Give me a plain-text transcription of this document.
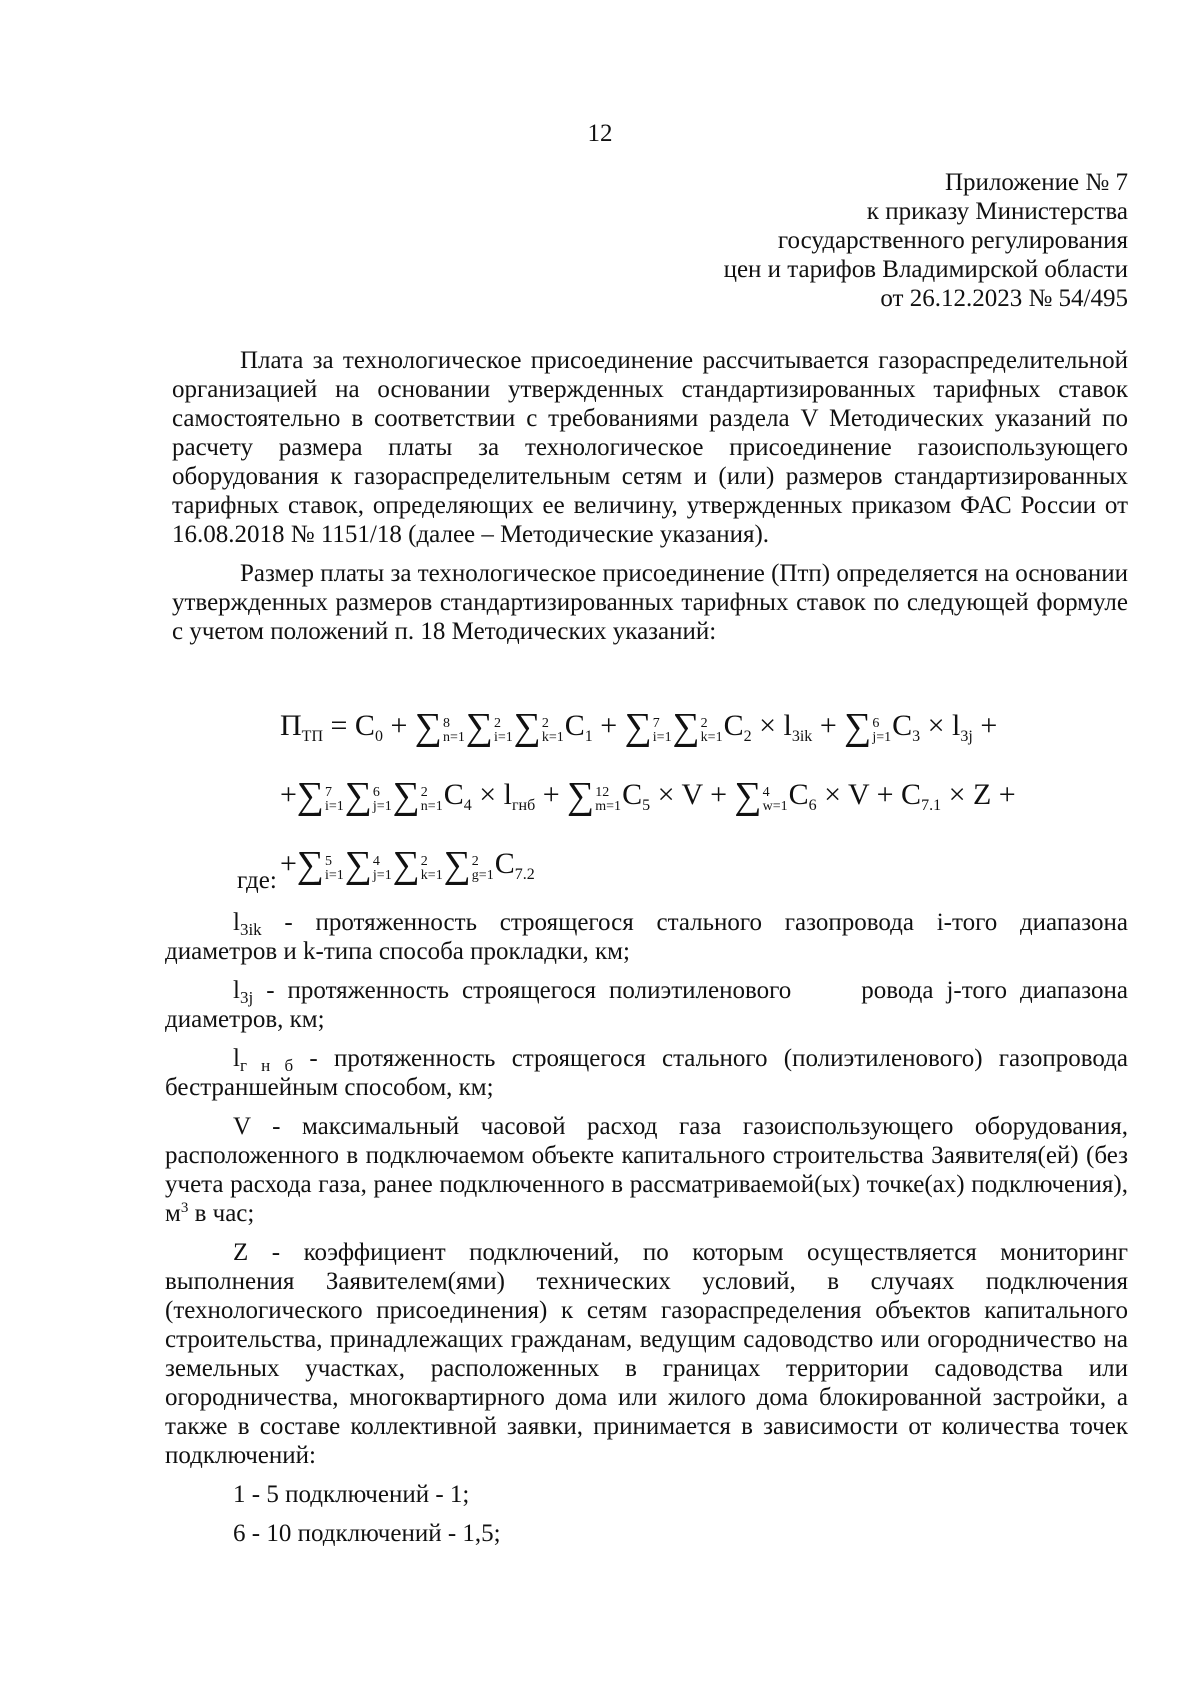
12
Приложение № 7
к приказу Министерства
государственного регулирования
цен и тарифов Владимирской области
от 26.12.2023 № 54/495

Плата за технологическое присоединение рассчитывается газораспределительной организацией на основании утвержденных стандартизированных тарифных ставок самостоятельно в соответствии с требованиями раздела V Методических указаний по расчету размера платы за технологическое присоединение газоиспользующего оборудования к газораспределительным сетям и (или) размеров стандартизированных тарифных ставок, определяющих ее величину, утвержденных приказом ФАС России от 16.08.2018 № 1151/18 (далее – Методические указания).

Размер платы за технологическое присоединение (Птп) определяется на основании утвержденных размеров стандартизированных тарифных ставок по следующей формуле с учетом положений п. 18 Методических указаний:

$П_{ТП} = C_0$ + ∑ 8
n=1 ∑ 2
i=1 ∑ 2
k=1 $C_1$ + ∑ 7
i=1 ∑ 2
k=1 $C_2 \times l_{3ik}$ + ∑ 6
j=1 $C_3 \times l_{3j}$ +
+∑ 7
i=1 ∑ 6
j=1 ∑ 2
n=1 $C_4 \times l_{гнб}$ + ∑ 12
m=1 $C_5 \times V$ + ∑ 4
w=1 $C_6 \times V + C_{7.1} \times Z$ +
+∑ 5
i=1 ∑ 4
j=1 ∑ 2
k=1 ∑ 2
g=1 $C_{7.2}$
где:

$l_{3ik}$ - протяженность строящегося стального газопровода i-того диапазона диаметров и k-типа способа прокладки, км;

$l_{3j}$ - протяженность строящегося полиэтиленового	ровода j-того диапазона диаметров, км;

$l_{г н б}$ - протяженность строящегося стального (полиэтиленового) газопровода бестраншейным способом, км;

V - максимальный часовой расход газа газоиспользующего оборудования, расположенного в подключаемом объекте капитального строительства Заявителя(ей) (без учета расхода газа, ранее подключенного в рассматриваемой(ых) точке(ах) подключения), $м^3$ в час;

Z - коэффициент подключений, по которым осуществляется мониторинг выполнения Заявителем(ями) технических условий, в случаях подключения (технологического присоединения) к сетям газораспределения объектов капитального строительства, принадлежащих гражданам, ведущим садоводство или огородничество на земельных участках, расположенных в границах территории садоводства или огородничества, многоквартирного дома или жилого дома блокированной застройки, а также в составе коллективной заявки, принимается в зависимости от количества точек подключений:

1 - 5 подключений - 1;

6 - 10 подключений - 1,5;
